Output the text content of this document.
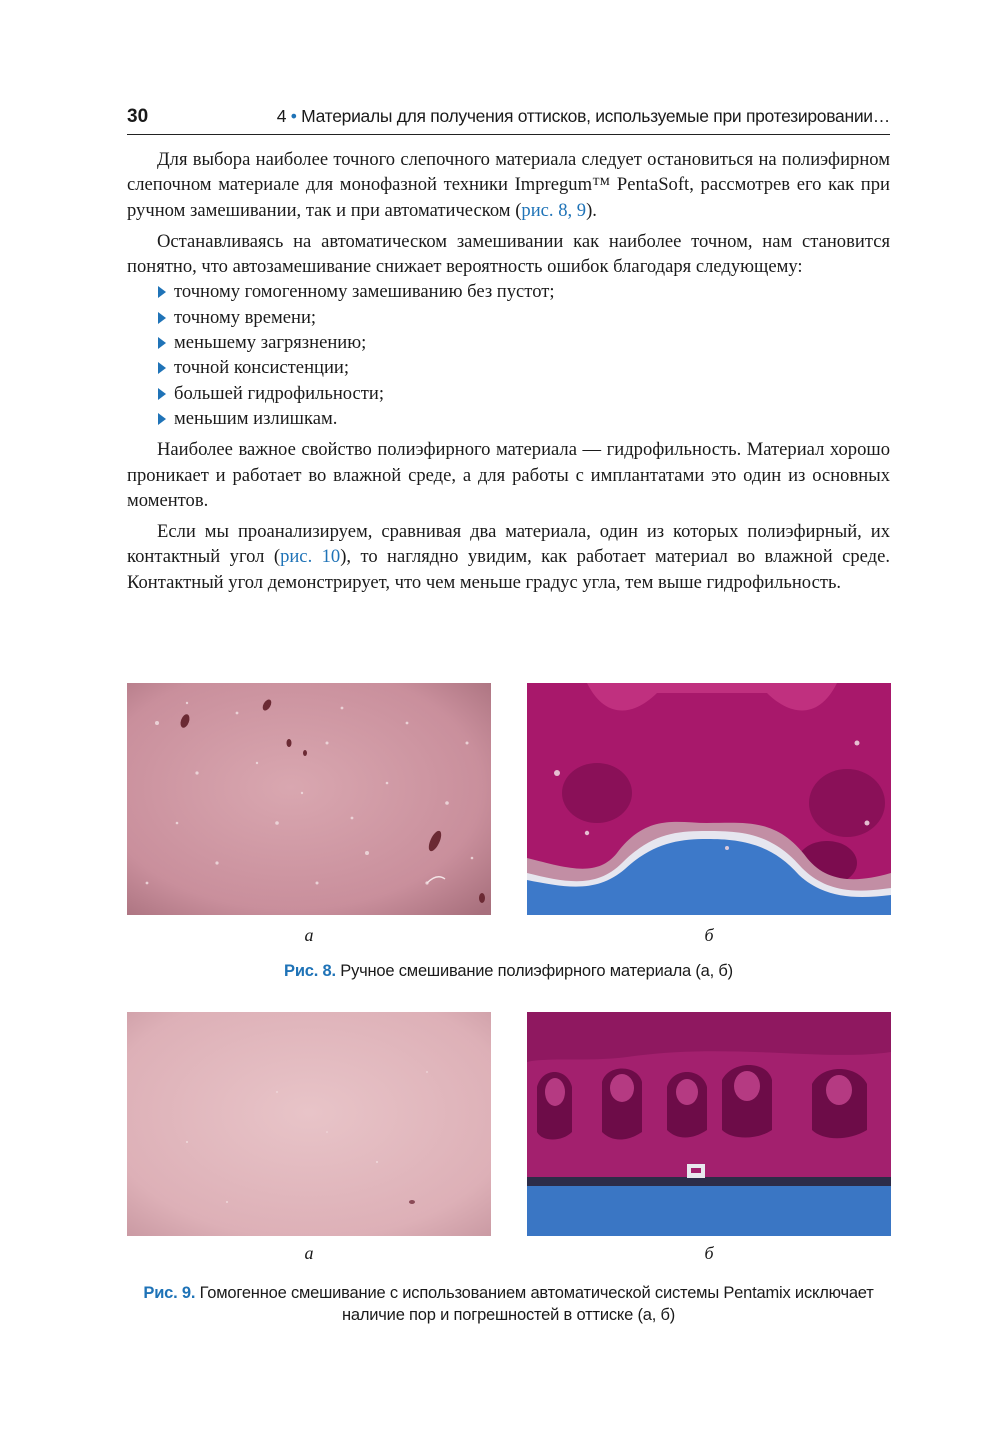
30	4 • Материалы для получения оттисков, используемые при протезировании…

Для выбора наиболее точного слепочного материала следует остановиться на полиэфирном слепочном материале для монофазной техники Impregum™ PentaSoft, рассмотрев его как при ручном замешивании, так и при автоматическом (рис. 8, 9).

Останавливаясь на автоматическом замешивании как наиболее точном, нам становится понятно, что автозамешивание снижает вероятность ошибок благодаря следующему:

точному гомогенному замешиванию без пустот;
точному времени;
меньшему загрязнению;
точной консистенции;
большей гидрофильности;
меньшим излишкам.

Наиболее важное свойство полиэфирного материала — гидрофильность. Материал хорошо проникает и работает во влажной среде, а для работы с имплантатами это один из основных моментов.

Если мы проанализируем, сравнивая два материала, один из которых полиэфирный, их контактный угол (рис. 10), то наглядно увидим, как работает материал во влажной среде. Контактный угол демонстрирует, что чем меньше градус угла, тем выше гидрофильность.

а	б
Рис. 8. Ручное смешивание полиэфирного материала (а, б)
а	б
Рис. 9. Гомогенное смешивание с использованием автоматической системы Pentamix исключает наличие пор и погрешностей в оттиске (а, б)
